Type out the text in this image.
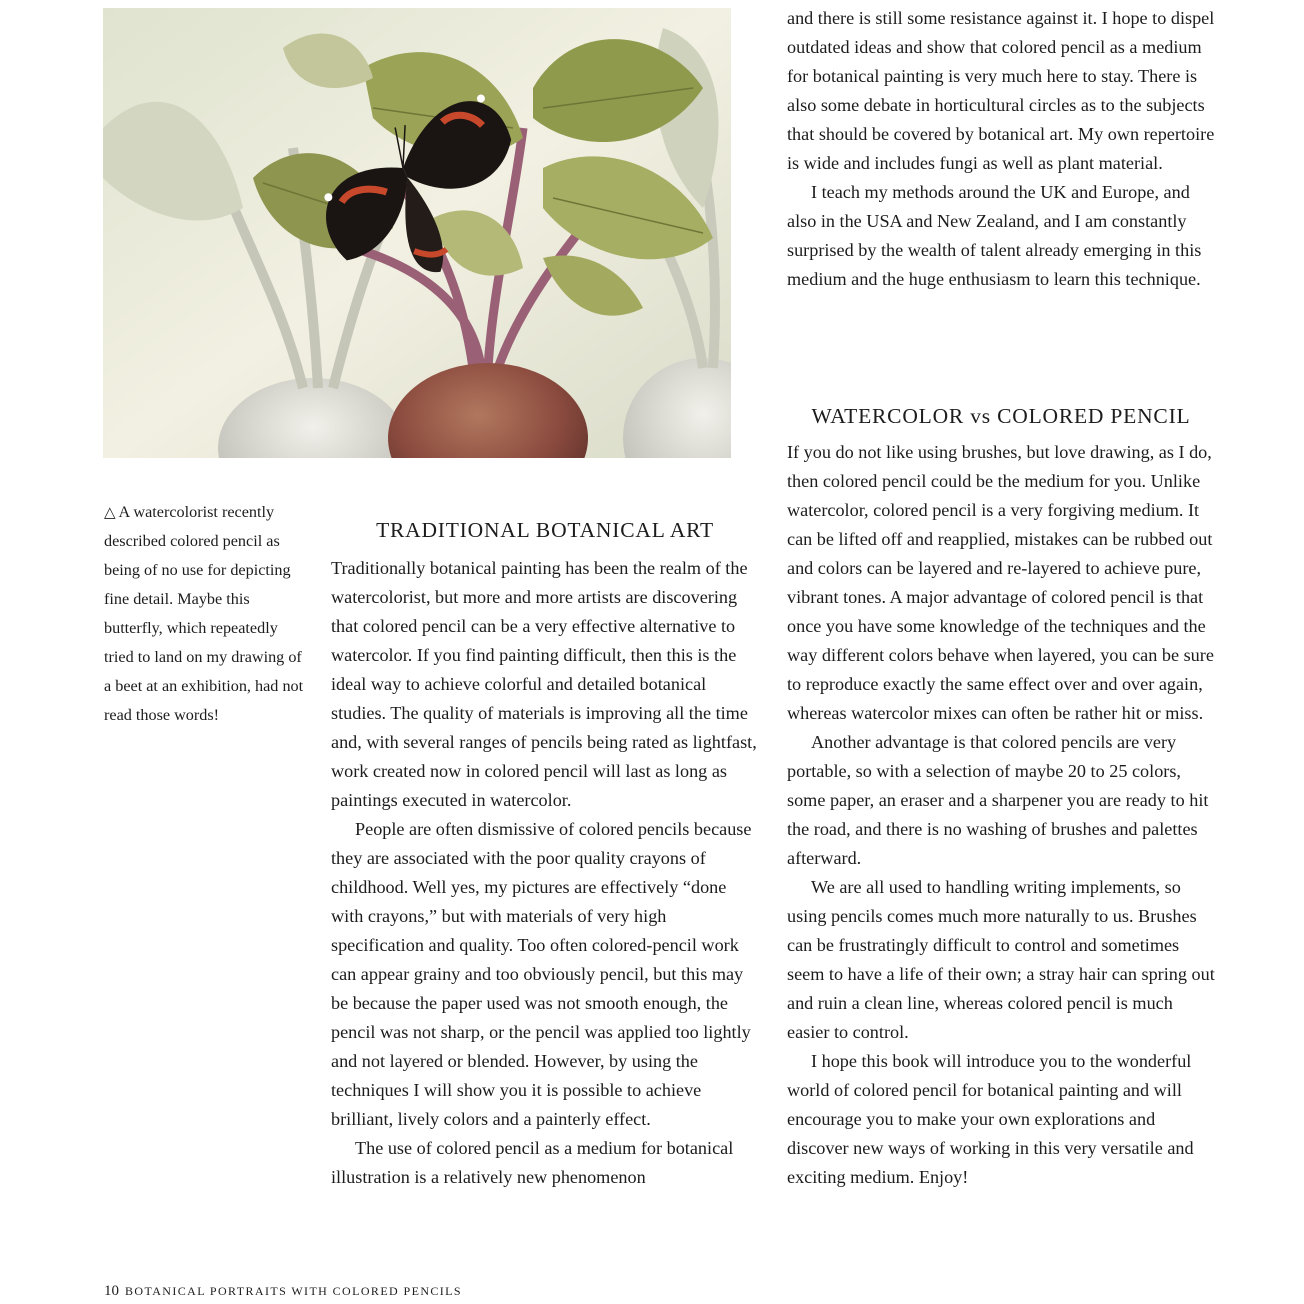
△ A watercolorist recently described colored pencil as being of no use for depicting fine detail. Maybe this butterfly, which repeatedly tried to land on my drawing of a beet at an exhibition, had not read those words!
TRADITIONAL BOTANICAL ART

Traditionally botanical painting has been the realm of the watercolorist, but more and more artists are discovering that colored pencil can be a very effective alternative to watercolor. If you find painting difficult, then this is the ideal way to achieve colorful and detailed botanical studies. The quality of materials is improving all the time and, with several ranges of pencils being rated as lightfast, work created now in colored pencil will last as long as paintings executed in watercolor.

People are often dismissive of colored pencils because they are associated with the poor quality crayons of childhood. Well yes, my pictures are effectively “done with crayons,” but with materials of very high specification and quality. Too often colored-pencil work can appear grainy and too obviously pencil, but this may be because the paper used was not smooth enough, the pencil was not sharp, or the pencil was applied too lightly and not layered or blended. However, by using the techniques I will show you it is possible to achieve brilliant, lively colors and a painterly effect.

The use of colored pencil as a medium for botanical illustration is a relatively new phenomenon

and there is still some resistance against it. I hope to dispel outdated ideas and show that colored pencil as a medium for botanical painting is very much here to stay. There is also some debate in horticultural circles as to the subjects that should be covered by botanical art. My own repertoire is wide and includes fungi as well as plant material.

I teach my methods around the UK and Europe, and also in the USA and New Zealand, and I am constantly surprised by the wealth of talent already emerging in this medium and the huge enthusiasm to learn this technique.

WATERCOLOR vs COLORED PENCIL

If you do not like using brushes, but love drawing, as I do, then colored pencil could be the medium for you. Unlike watercolor, colored pencil is a very forgiving medium. It can be lifted off and reapplied, mistakes can be rubbed out and colors can be layered and re-layered to achieve pure, vibrant tones. A major advantage of colored pencil is that once you have some knowledge of the techniques and the way different colors behave when layered, you can be sure to reproduce exactly the same effect over and over again, whereas watercolor mixes can often be rather hit or miss.

Another advantage is that colored pencils are very portable, so with a selection of maybe 20 to 25 colors, some paper, an eraser and a sharpener you are ready to hit the road, and there is no washing of brushes and palettes afterward.

We are all used to handling writing implements, so using pencils comes much more naturally to us. Brushes can be frustratingly difficult to control and sometimes seem to have a life of their own; a stray hair can spring out and ruin a clean line, whereas colored pencil is much easier to control.

I hope this book will introduce you to the wonderful world of colored pencil for botanical painting and will encourage you to make your own explorations and discover new ways of working in this very versatile and exciting medium. Enjoy!

10 BOTANICAL PORTRAITS WITH COLORED PENCILS
